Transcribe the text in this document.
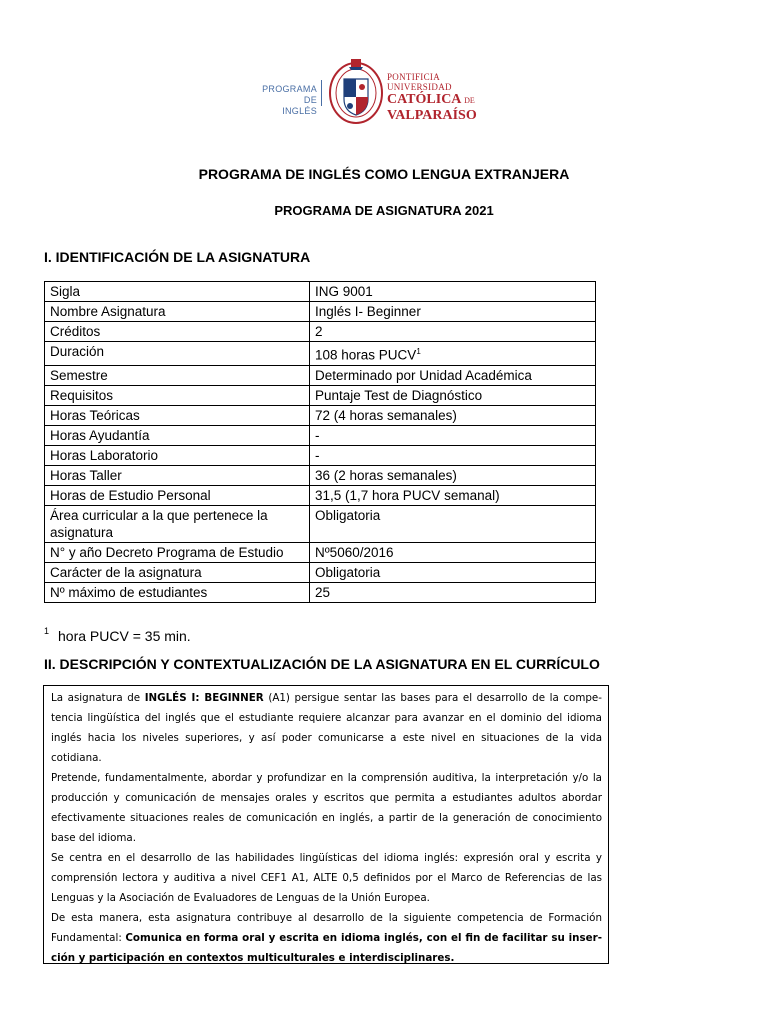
PROGRAMA DE
INGLÉS
PONTIFICIA
UNIVERSIDAD
CATÓLICA DE
VALPARAÍSO
PROGRAMA DE INGLÉS COMO LENGUA EXTRANJERA
PROGRAMA DE ASIGNATURA 2021
I. IDENTIFICACIÓN DE LA ASIGNATURA
Sigla	ING 9001
Nombre Asignatura	Inglés I- Beginner
Créditos	2
Duración	108 horas PUCV$^1$
Semestre	Determinado por Unidad Académica
Requisitos	Puntaje Test de Diagnóstico
Horas Teóricas	72 (4 horas semanales)
Horas Ayudantía	-
Horas Laboratorio	-
Horas Taller	36 (2 horas semanales)
Horas de Estudio Personal	31,5 (1,7 hora PUCV semanal)
Área curricular a la que pertenece la asignatura	Obligatoria
N° y año Decreto Programa de Estudio	Nº5060/2016
Carácter de la asignatura	Obligatoria
Nº máximo de estudiantes	25
$^1$ hora PUCV = 35 min.
II. DESCRIPCIÓN Y CONTEXTUALIZACIÓN DE LA ASIGNATURA EN EL CURRÍCULO

La asignatura de INGLÉS I: BEGINNER (A1) persigue sentar las bases para el desarrollo de la compe-tencia lingüística del inglés que el estudiante requiere alcanzar para avanzar en el dominio del idioma inglés hacia los niveles superiores, y así poder comunicarse a este nivel en situaciones de la vida cotidiana.

Pretende, fundamentalmente, abordar y profundizar en la comprensión auditiva, la interpretación y/o la producción y comunicación de mensajes orales y escritos que permita a estudiantes adultos abordar efectivamente situaciones reales de comunicación en inglés, a partir de la generación de conocimiento base del idioma.

Se centra en el desarrollo de las habilidades lingüísticas del idioma inglés: expresión oral y escrita y comprensión lectora y auditiva a nivel CEF1 A1, ALTE 0,5 definidos por el Marco de Referencias de las Lenguas y la Asociación de Evaluadores de Lenguas de la Unión Europea.

De esta manera, esta asignatura contribuye al desarrollo de la siguiente competencia de Formación Fundamental: Comunica en forma oral y escrita en idioma inglés, con el fin de facilitar su inser-ción y participación en contextos multiculturales e interdisciplinares.
